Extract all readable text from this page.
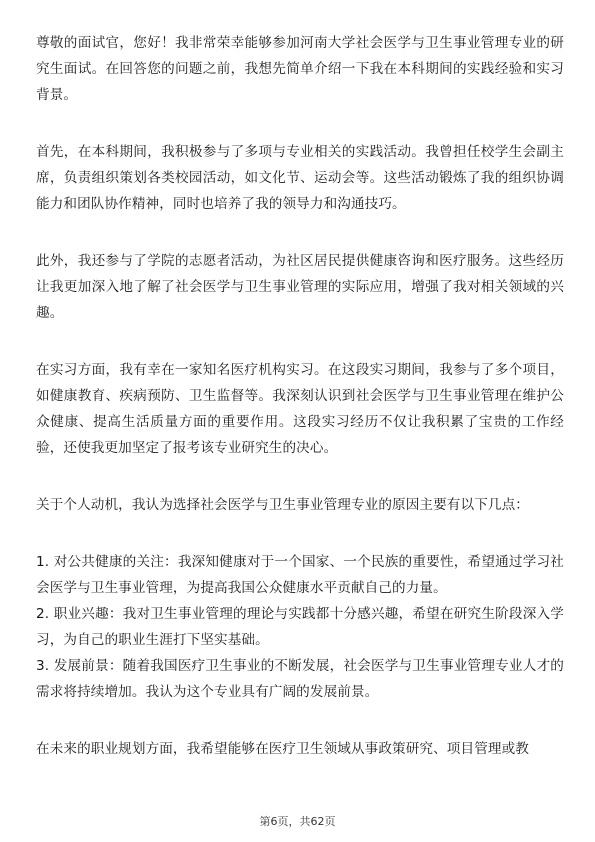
尊敬的面试官，您好！我非常荣幸能够参加河南大学社会医学与卫生事业管理专业的研究生面试。在回答您的问题之前，我想先简单介绍一下我在本科期间的实践经验和实习背景。

首先，在本科期间，我积极参与了多项与专业相关的实践活动。我曾担任校学生会副主席，负责组织策划各类校园活动，如文化节、运动会等。这些活动锻炼了我的组织协调能力和团队协作精神，同时也培养了我的领导力和沟通技巧。

此外，我还参与了学院的志愿者活动，为社区居民提供健康咨询和医疗服务。这些经历让我更加深入地了解了社会医学与卫生事业管理的实际应用，增强了我对相关领域的兴趣。

在实习方面，我有幸在一家知名医疗机构实习。在这段实习期间，我参与了多个项目，如健康教育、疾病预防、卫生监督等。我深刻认识到社会医学与卫生事业管理在维护公众健康、提高生活质量方面的重要作用。这段实习经历不仅让我积累了宝贵的工作经验，还使我更加坚定了报考该专业研究生的决心。

关于个人动机，我认为选择社会医学与卫生事业管理专业的原因主要有以下几点：

1. 对公共健康的关注：我深知健康对于一个国家、一个民族的重要性，希望通过学习社会医学与卫生事业管理，为提高我国公众健康水平贡献自己的力量。

2. 职业兴趣：我对卫生事业管理的理论与实践都十分感兴趣，希望在研究生阶段深入学习，为自己的职业生涯打下坚实基础。

3. 发展前景：随着我国医疗卫生事业的不断发展，社会医学与卫生事业管理专业人才的需求将持续增加。我认为这个专业具有广阔的发展前景。

在未来的职业规划方面，我希望能够在医疗卫生领域从事政策研究、项目管理或教

第6页，共62页
